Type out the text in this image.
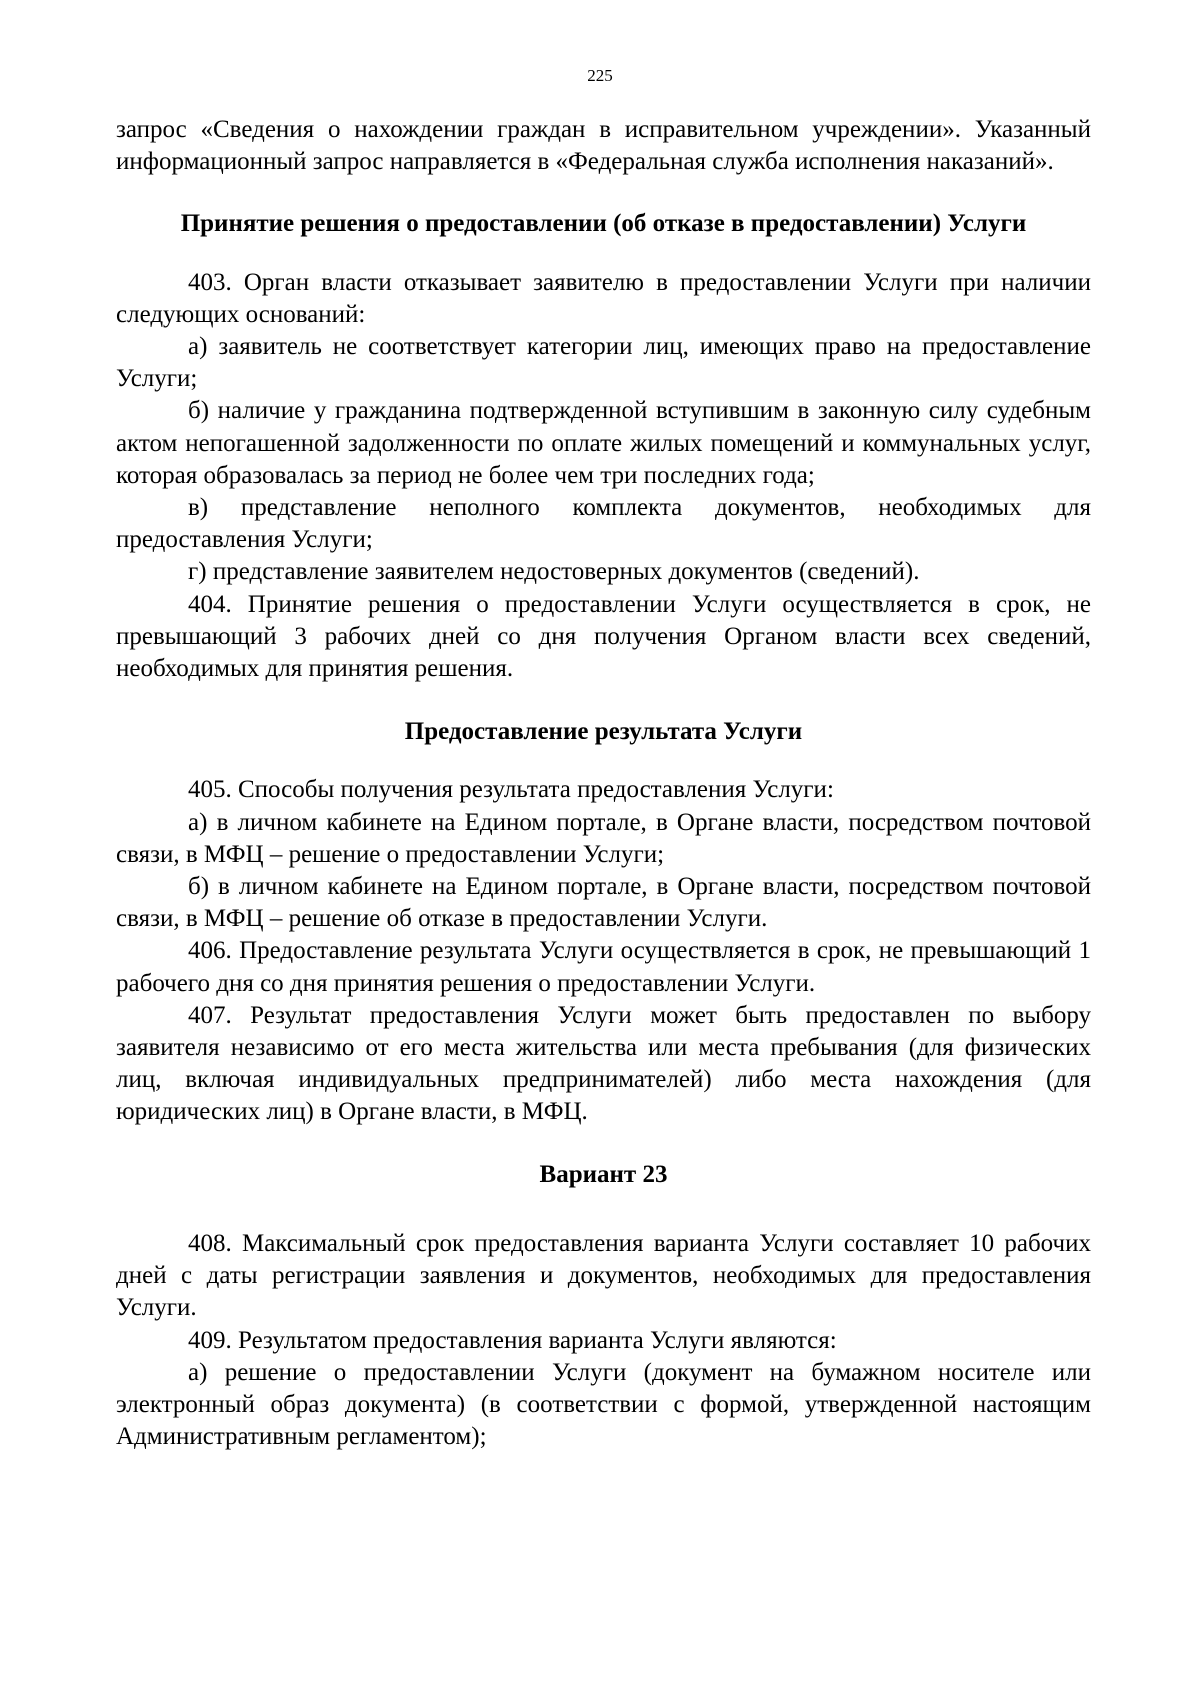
225

запрос «Сведения о нахождении граждан в исправительном учреждении». Указанный информационный запрос направляется в «Федеральная служба исполнения наказаний».

Принятие решения о предоставлении (об отказе в предоставлении) Услуги

403. Орган власти отказывает заявителю в предоставлении Услуги при наличии следующих оснований:

а) заявитель не соответствует категории лиц, имеющих право на предоставление Услуги;

б) наличие у гражданина подтвержденной вступившим в законную силу судебным актом непогашенной задолженности по оплате жилых помещений и коммунальных услуг, которая образовалась за период не более чем три последних года;

в) представление неполного комплекта документов, необходимых для предоставления Услуги;

г) представление заявителем недостоверных документов (сведений).

404. Принятие решения о предоставлении Услуги осуществляется в срок, не превышающий 3 рабочих дней со дня получения Органом власти всех сведений, необходимых для принятия решения.

Предоставление результата Услуги

405. Способы получения результата предоставления Услуги:

а) в личном кабинете на Едином портале, в Органе власти, посредством почтовой связи, в МФЦ – решение о предоставлении Услуги;

б) в личном кабинете на Едином портале, в Органе власти, посредством почтовой связи, в МФЦ – решение об отказе в предоставлении Услуги.

406. Предоставление результата Услуги осуществляется в срок, не превышающий 1 рабочего дня со дня принятия решения о предоставлении Услуги.

407. Результат предоставления Услуги может быть предоставлен по выбору заявителя независимо от его места жительства или места пребывания (для физических лиц, включая индивидуальных предпринимателей) либо места нахождения (для юридических лиц) в Органе власти, в МФЦ.

Вариант 23

408. Максимальный срок предоставления варианта Услуги составляет 10 рабочих дней с даты регистрации заявления и документов, необходимых для предоставления Услуги.

409. Результатом предоставления варианта Услуги являются:

а) решение о предоставлении Услуги (документ на бумажном носителе или электронный образ документа) (в соответствии с формой, утвержденной настоящим Административным регламентом);
